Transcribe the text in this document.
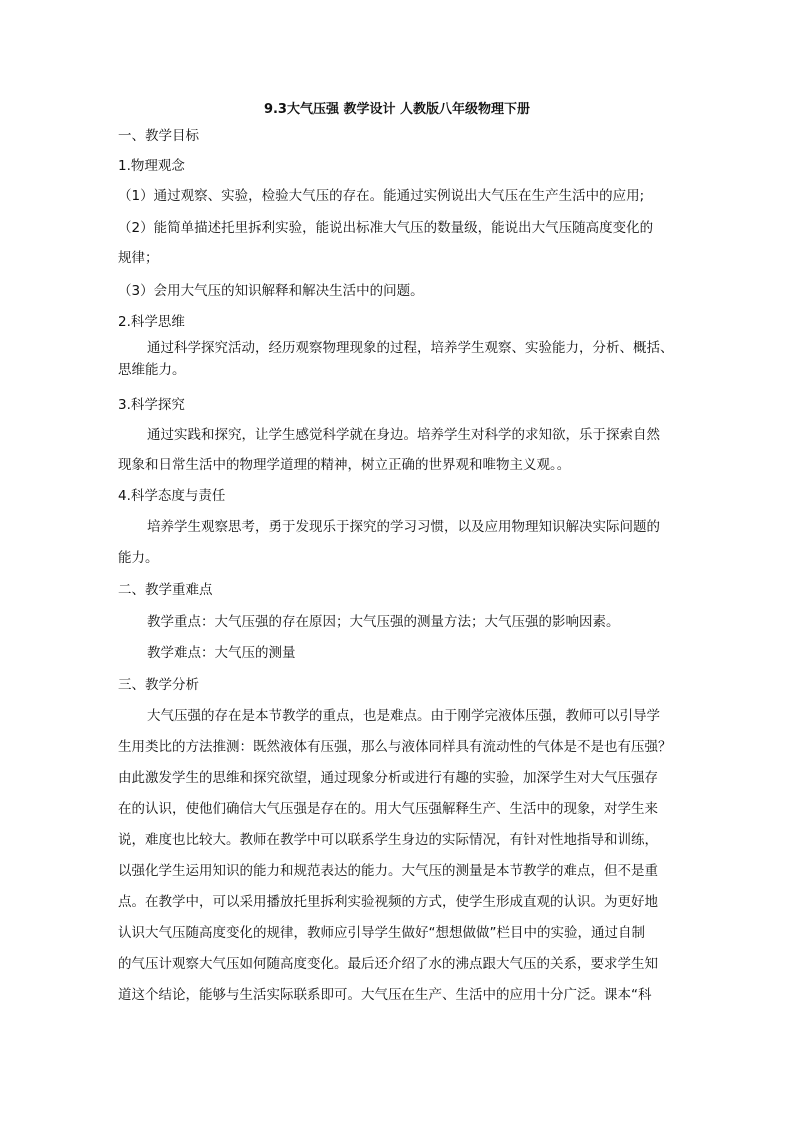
9.3大气压强 教学设计 人教版八年级物理下册
一、教学目标
1.物理观念
（1）通过观察、实验，检验大气压的存在。能通过实例说出大气压在生产生活中的应用;
（2）能简单描述托里拆利实验，能说出标准大气压的数量级，能说出大气压随高度变化的
规律；
（3）会用大气压的知识解释和解决生活中的问题。
2.科学思维
通过科学探究活动，经历观察物理现象的过程，培养学生观察、实验能力，分析、概括、
思维能力。
3.科学探究
通过实践和探究，让学生感觉科学就在身边。培养学生对科学的求知欲，乐于探索自然
现象和日常生活中的物理学道理的精神，树立正确的世界观和唯物主义观。。
4.科学态度与责任
培养学生观察思考，勇于发现乐于探究的学习习惯，以及应用物理知识解决实际问题的
能力。
二、教学重难点
教学重点：大气压强的存在原因；大气压强的测量方法；大气压强的影响因素。
教学难点：大气压的测量
三、教学分析
大气压强的存在是本节教学的重点，也是难点。由于刚学完液体压强，教师可以引导学
生用类比的方法推测：既然液体有压强，那么与液体同样具有流动性的气体是不是也有压强？
由此激发学生的思维和探究欲望，通过现象分析或进行有趣的实验，加深学生对大气压强存
在的认识，使他们确信大气压强是存在的。用大气压强解释生产、生活中的现象，对学生来
说，难度也比较大。教师在教学中可以联系学生身边的实际情况，有针对性地指导和训练，
以强化学生运用知识的能力和规范表达的能力。大气压的测量是本节教学的难点，但不是重
点。在教学中，可以采用播放托里拆利实验视频的方式，使学生形成直观的认识。为更好地
认识大气压随高度变化的规律，教师应引导学生做好“想想做做”栏目中的实验，通过自制
的气压计观察大气压如何随高度变化。最后还介绍了水的沸点跟大气压的关系，要求学生知
道这个结论，能够与生活实际联系即可。大气压在生产、生活中的应用十分广泛。课本“科
